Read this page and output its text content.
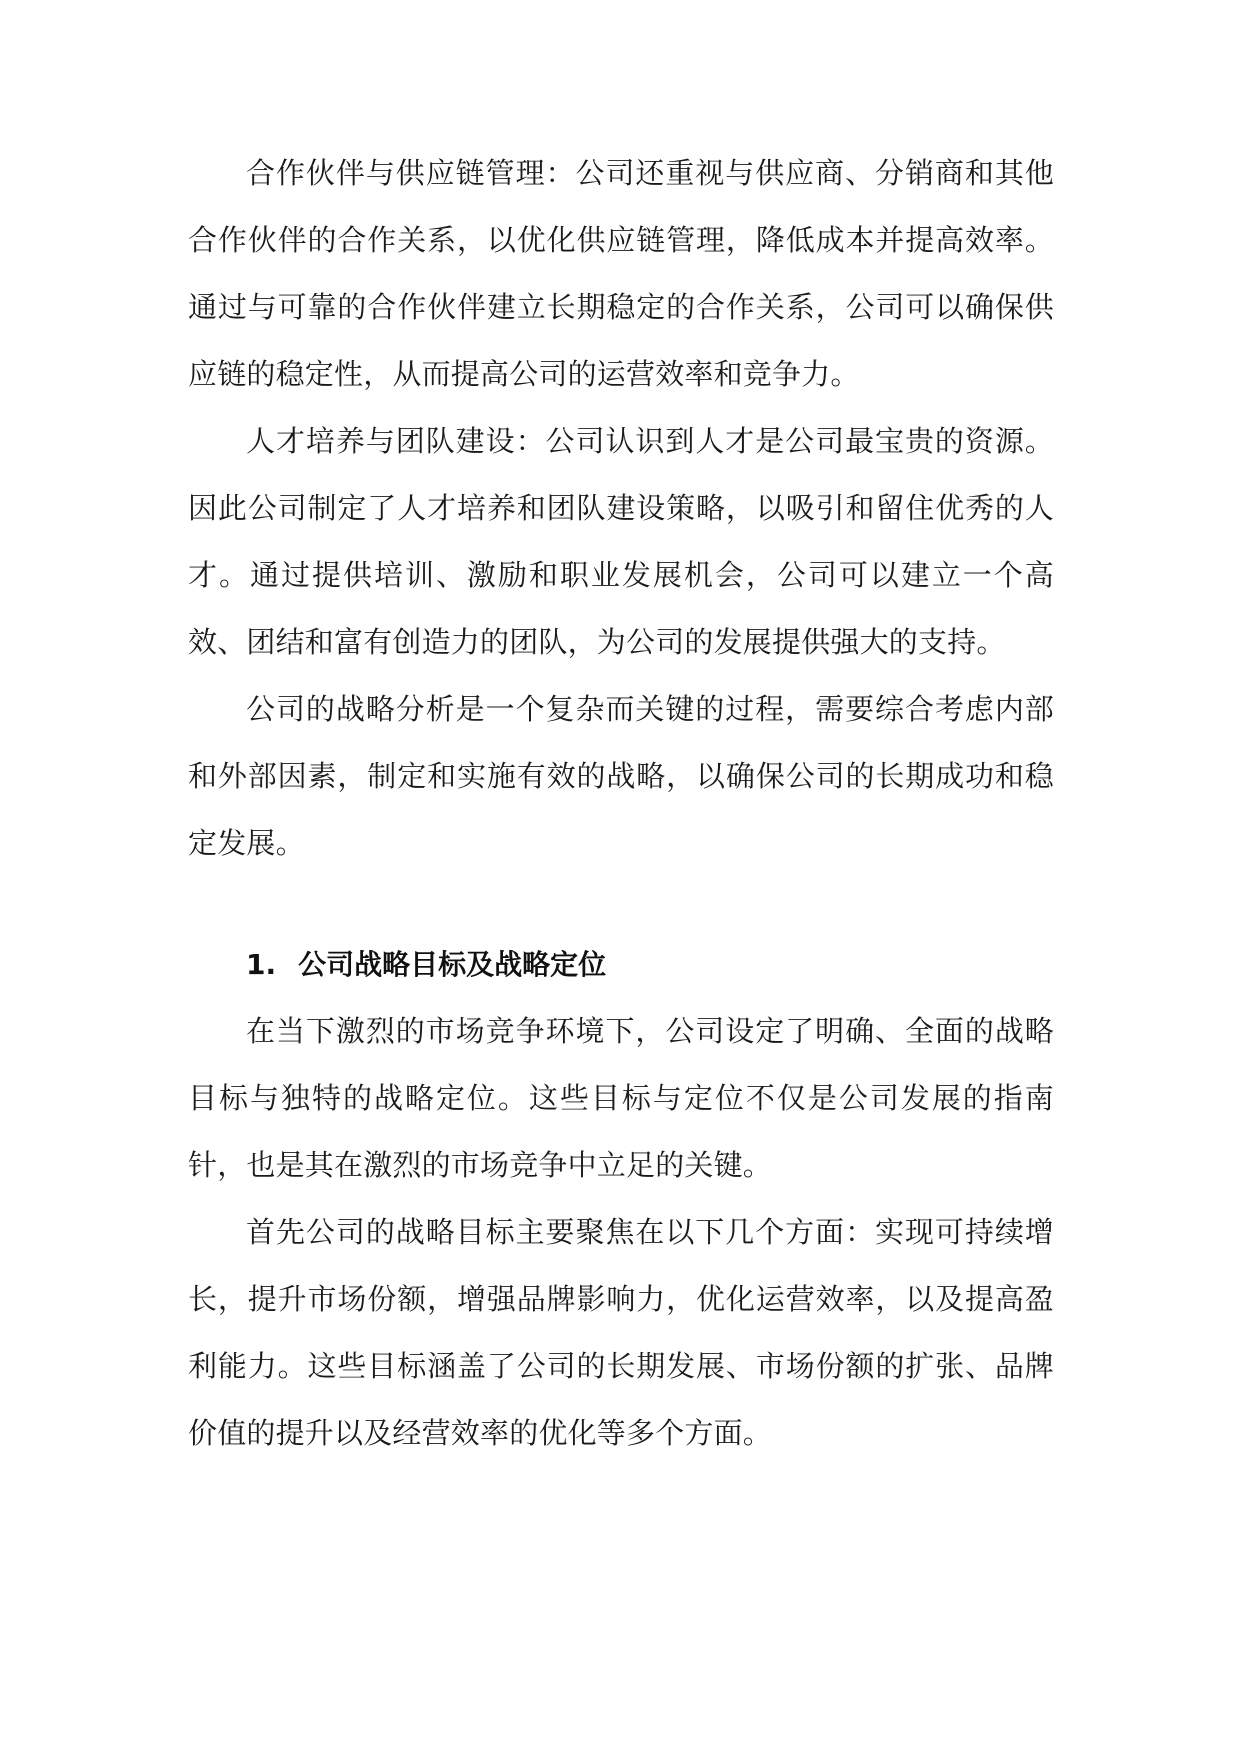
合作伙伴与供应链管理：公司还重视与供应商、分销商和其他合作伙伴的合作关系，以优化供应链管理，降低成本并提高效率。通过与可靠的合作伙伴建立长期稳定的合作关系，公司可以确保供应链的稳定性，从而提高公司的运营效率和竞争力。

人才培养与团队建设：公司认识到人才是公司最宝贵的资源。因此公司制定了人才培养和团队建设策略，以吸引和留住优秀的人才。通过提供培训、激励和职业发展机会，公司可以建立一个高效、团结和富有创造力的团队，为公司的发展提供强大的支持。

公司的战略分析是一个复杂而关键的过程，需要综合考虑内部和外部因素，制定和实施有效的战略，以确保公司的长期成功和稳定发展。

1. 公司战略目标及战略定位

在当下激烈的市场竞争环境下，公司设定了明确、全面的战略目标与独特的战略定位。这些目标与定位不仅是公司发展的指南针，也是其在激烈的市场竞争中立足的关键。

首先公司的战略目标主要聚焦在以下几个方面：实现可持续增长，提升市场份额，增强品牌影响力，优化运营效率，以及提高盈利能力。这些目标涵盖了公司的长期发展、市场份额的扩张、品牌价值的提升以及经营效率的优化等多个方面。
